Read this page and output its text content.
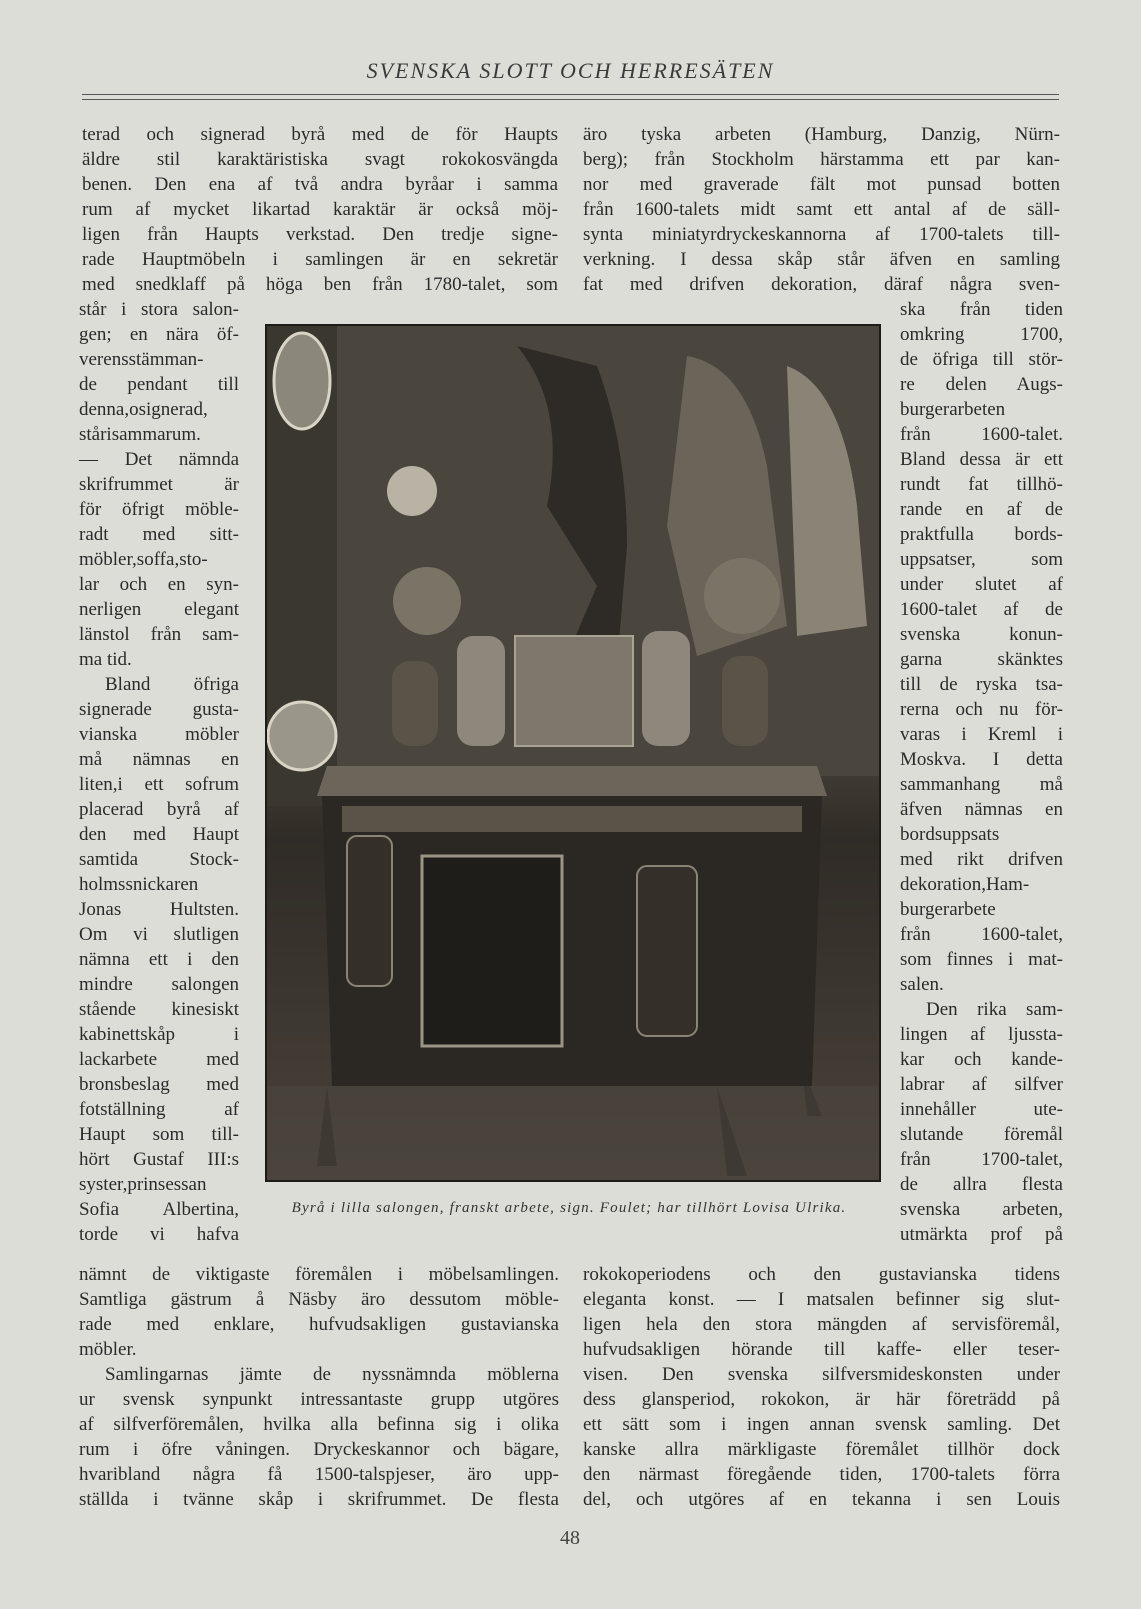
SVENSKA SLOTT OCH HERRESÄTEN

terad och signerad byrå med de för Haupts

äldre stil karaktäristiska svagt rokokosvängda

benen. Den ena af två andra byråar i samma

rum af mycket likartad karaktär är också möj-

ligen från Haupts verkstad. Den tredje signe-

rade Hauptmöbeln i samlingen är en sekretär

med snedklaff på höga ben från 1780-talet, som

äro tyska arbeten (Hamburg, Danzig, Nürn-

berg); från Stockholm härstamma ett par kan-

nor med graverade fält mot punsad botten

från 1600-talets midt samt ett antal af de säll-

synta miniatyrdryckeskannorna af 1700-talets till-

verkning. I dessa skåp står äfven en samling

fat med drifven dekoration, däraf några sven-

står i stora salon-

gen; en nära öf-

verensstämman-

de pendant till

denna,osignerad,

stårisammarum.

— Det nämnda

skrifrummet är

för öfrigt möble-

radt med sitt-

möbler,soffa,sto-

lar och en syn-

nerligen elegant

länstol från sam-

ma tid.

Bland öfriga

signerade gusta-

vianska möbler

må nämnas en

liten,i ett sofrum

placerad byrå af

den med Haupt

samtida Stock-

holmssnickaren

Jonas Hultsten.

Om vi slutligen

nämna ett i den

mindre salongen

stående kinesiskt

kabinettskåp i

lackarbete med

bronsbeslag med

fotställning af

Haupt som till-

hört Gustaf III:s

syster,prinsessan

Sofia Albertina,

torde vi hafva

Byrå i lilla salongen, franskt arbete, sign. Foulet; har tillhört Lovisa Ulrika.

ska från tiden

omkring 1700,

de öfriga till stör-

re delen Augs-

burgerarbeten

från 1600-talet.

Bland dessa är ett

rundt fat tillhö-

rande en af de

praktfulla bords-

uppsatser, som

under slutet af

1600-talet af de

svenska konun-

garna skänktes

till de ryska tsa-

rerna och nu för-

varas i Kreml i

Moskva. I detta

sammanhang må

äfven nämnas en

bordsuppsats

med rikt drifven

dekoration,Ham-

burgerarbete

från 1600-talet,

som finnes i mat-

salen.

Den rika sam-

lingen af ljussta-

kar och kande-

labrar af silfver

innehåller ute-

slutande föremål

från 1700-talet,

de allra flesta

svenska arbeten,

utmärkta prof på

nämnt de viktigaste föremålen i möbelsamlingen.

Samtliga gästrum å Näsby äro dessutom möble-

rade med enklare, hufvudsakligen gustavianska

möbler.

Samlingarnas jämte de nyssnämnda möblerna

ur svensk synpunkt intressantaste grupp utgöres

af silfverföremålen, hvilka alla befinna sig i olika

rum i öfre våningen. Dryckeskannor och bägare,

hvaribland några få 1500-talspjeser, äro upp-

ställda i tvänne skåp i skrifrummet. De flesta

rokokoperiodens och den gustavianska tidens

eleganta konst. — I matsalen befinner sig slut-

ligen hela den stora mängden af servisföremål,

hufvudsakligen hörande till kaffe- eller teser-

visen. Den svenska silfversmideskonsten under

dess glansperiod, rokokon, är här företrädd på

ett sätt som i ingen annan svensk samling. Det

kanske allra märkligaste föremålet tillhör dock

den närmast föregående tiden, 1700-talets förra

del, och utgöres af en tekanna i sen Louis

48
